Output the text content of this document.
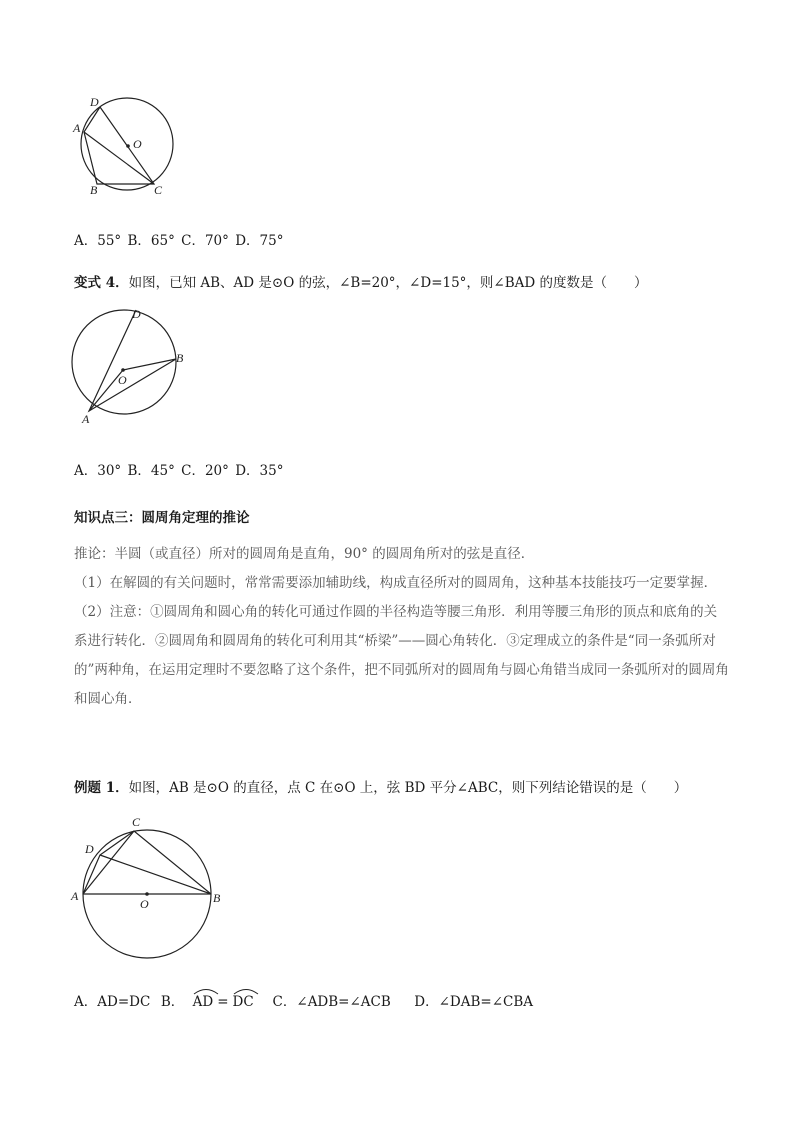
D
A
O
B	C
A．55° B．65° C．70° D．75°
变式 4．如图，已知 AB、AD 是⊙O 的弦，∠B=20°，∠D=15°，则∠BAD 的度数是（　　）
D
B
O
A
A．30° B．45° C．20° D．35°
知识点三：圆周角定理的推论

推论：半圆（或直径）所对的圆周角是直角，90° 的圆周角所对的弦是直径．

（1）在解圆的有关问题时，常常需要添加辅助线，构成直径所对的圆周角，这种基本技能技巧一定要掌握．

（2）注意：①圆周角和圆心角的转化可通过作圆的半径构造等腰三角形．利用等腰三角形的顶点和底角的关系进行转化．②圆周角和圆周角的转化可利用其“桥梁”——圆心角转化．③定理成立的条件是“同一条弧所对的”两种角，在运用定理时不要忽略了这个条件，把不同弧所对的圆周角与圆心角错当成同一条弧所对的圆周角和圆心角．

例题 1．如图，AB 是⊙O 的直径，点 C 在⊙O 上，弦 BD 平分∠ABC，则下列结论错误的是（　　）
C
D
A
O	B
A．AD=DC B． AD = DC C．∠ADB=∠ACB D．∠DAB=∠CBA
